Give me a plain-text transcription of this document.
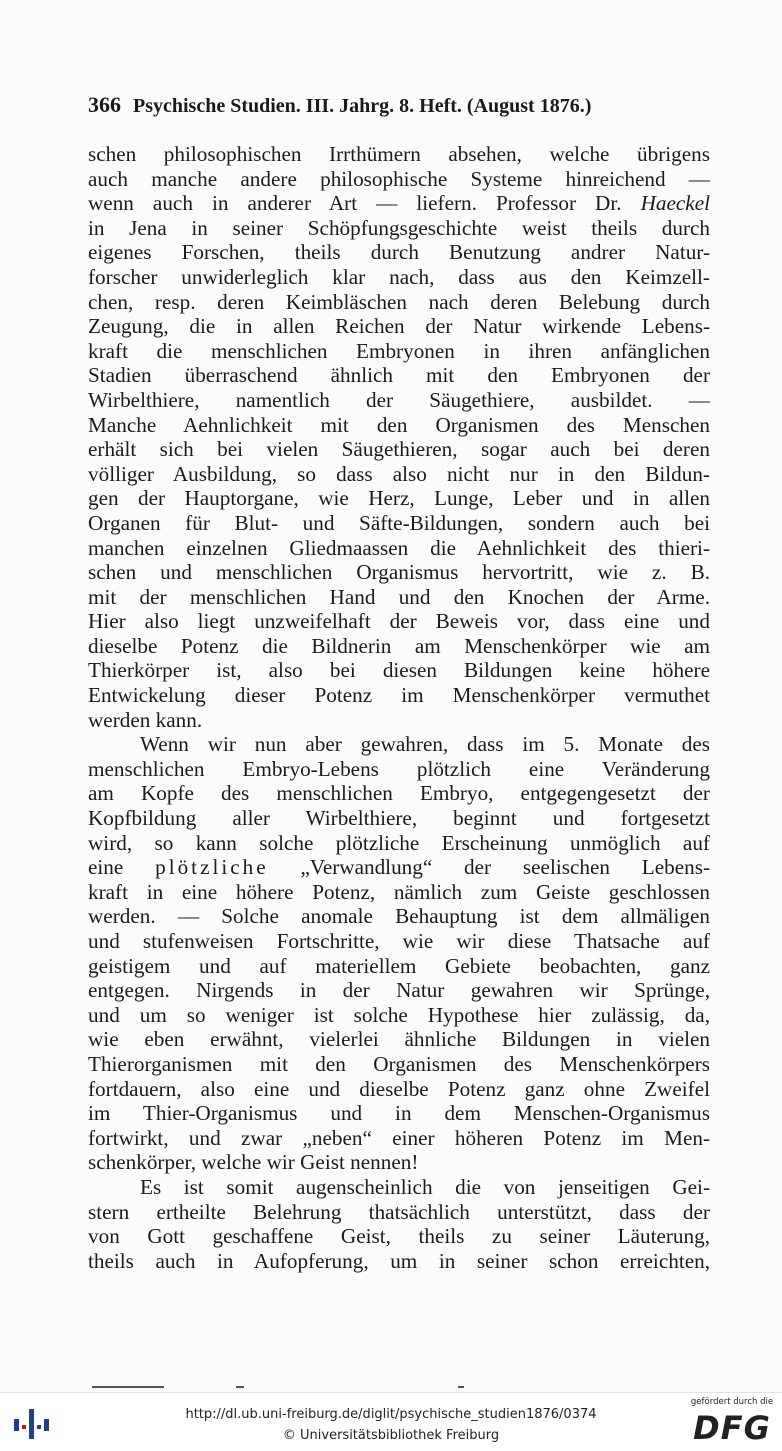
366 Psychische Studien. III. Jahrg. 8. Heft. (August 1876.)
schen philosophischen Irrthümern absehen, welche übrigens
auch manche andere philosophische Systeme hinreichend —
wenn auch in anderer Art — liefern. Professor Dr. Haeckel
in Jena in seiner Schöpfungsgeschichte weist theils durch
eigenes Forschen, theils durch Benutzung andrer Natur-
forscher unwiderleglich klar nach, dass aus den Keimzell-
chen, resp. deren Keimbläschen nach deren Belebung durch
Zeugung, die in allen Reichen der Natur wirkende Lebens-
kraft die menschlichen Embryonen in ihren anfänglichen
Stadien überraschend ähnlich mit den Embryonen der
Wirbelthiere, namentlich der Säugethiere, ausbildet. —
Manche Aehnlichkeit mit den Organismen des Menschen
erhält sich bei vielen Säugethieren, sogar auch bei deren
völliger Ausbildung, so dass also nicht nur in den Bildun-
gen der Hauptorgane, wie Herz, Lunge, Leber und in allen
Organen für Blut- und Säfte-Bildungen, sondern auch bei
manchen einzelnen Gliedmaassen die Aehnlichkeit des thieri-
schen und menschlichen Organismus hervortritt, wie z. B.
mit der menschlichen Hand und den Knochen der Arme.
Hier also liegt unzweifelhaft der Beweis vor, dass eine und
dieselbe Potenz die Bildnerin am Menschenkörper wie am
Thierkörper ist, also bei diesen Bildungen keine höhere
Entwickelung dieser Potenz im Menschenkörper vermuthet
werden kann.
Wenn wir nun aber gewahren, dass im 5. Monate des
menschlichen Embryo-Lebens plötzlich eine Veränderung
am Kopfe des menschlichen Embryo, entgegengesetzt der
Kopfbildung aller Wirbelthiere, beginnt und fortgesetzt
wird, so kann solche plötzliche Erscheinung unmöglich auf
eine plötzliche „Verwandlung“ der seelischen Lebens-
kraft in eine höhere Potenz, nämlich zum Geiste geschlossen
werden. — Solche anomale Behauptung ist dem allmäligen
und stufenweisen Fortschritte, wie wir diese Thatsache auf
geistigem und auf materiellem Gebiete beobachten, ganz
entgegen. Nirgends in der Natur gewahren wir Sprünge,
und um so weniger ist solche Hypothese hier zulässig, da,
wie eben erwähnt, vielerlei ähnliche Bildungen in vielen
Thierorganismen mit den Organismen des Menschenkörpers
fortdauern, also eine und dieselbe Potenz ganz ohne Zweifel
im Thier-Organismus und in dem Menschen-Organismus
fortwirkt, und zwar „neben“ einer höheren Potenz im Men-
schenkörper, welche wir Geist nennen!
Es ist somit augenscheinlich die von jenseitigen Gei-
stern ertheilte Belehrung thatsächlich unterstützt, dass der
von Gott geschaffene Geist, theils zu seiner Läuterung,
theils auch in Aufopferung, um in seiner schon erreichten,
http://dl.ub.uni-freiburg.de/diglit/psychische_studien1876/0374
© Universitätsbibliothek Freiburg
gefördert durch die
DFG
